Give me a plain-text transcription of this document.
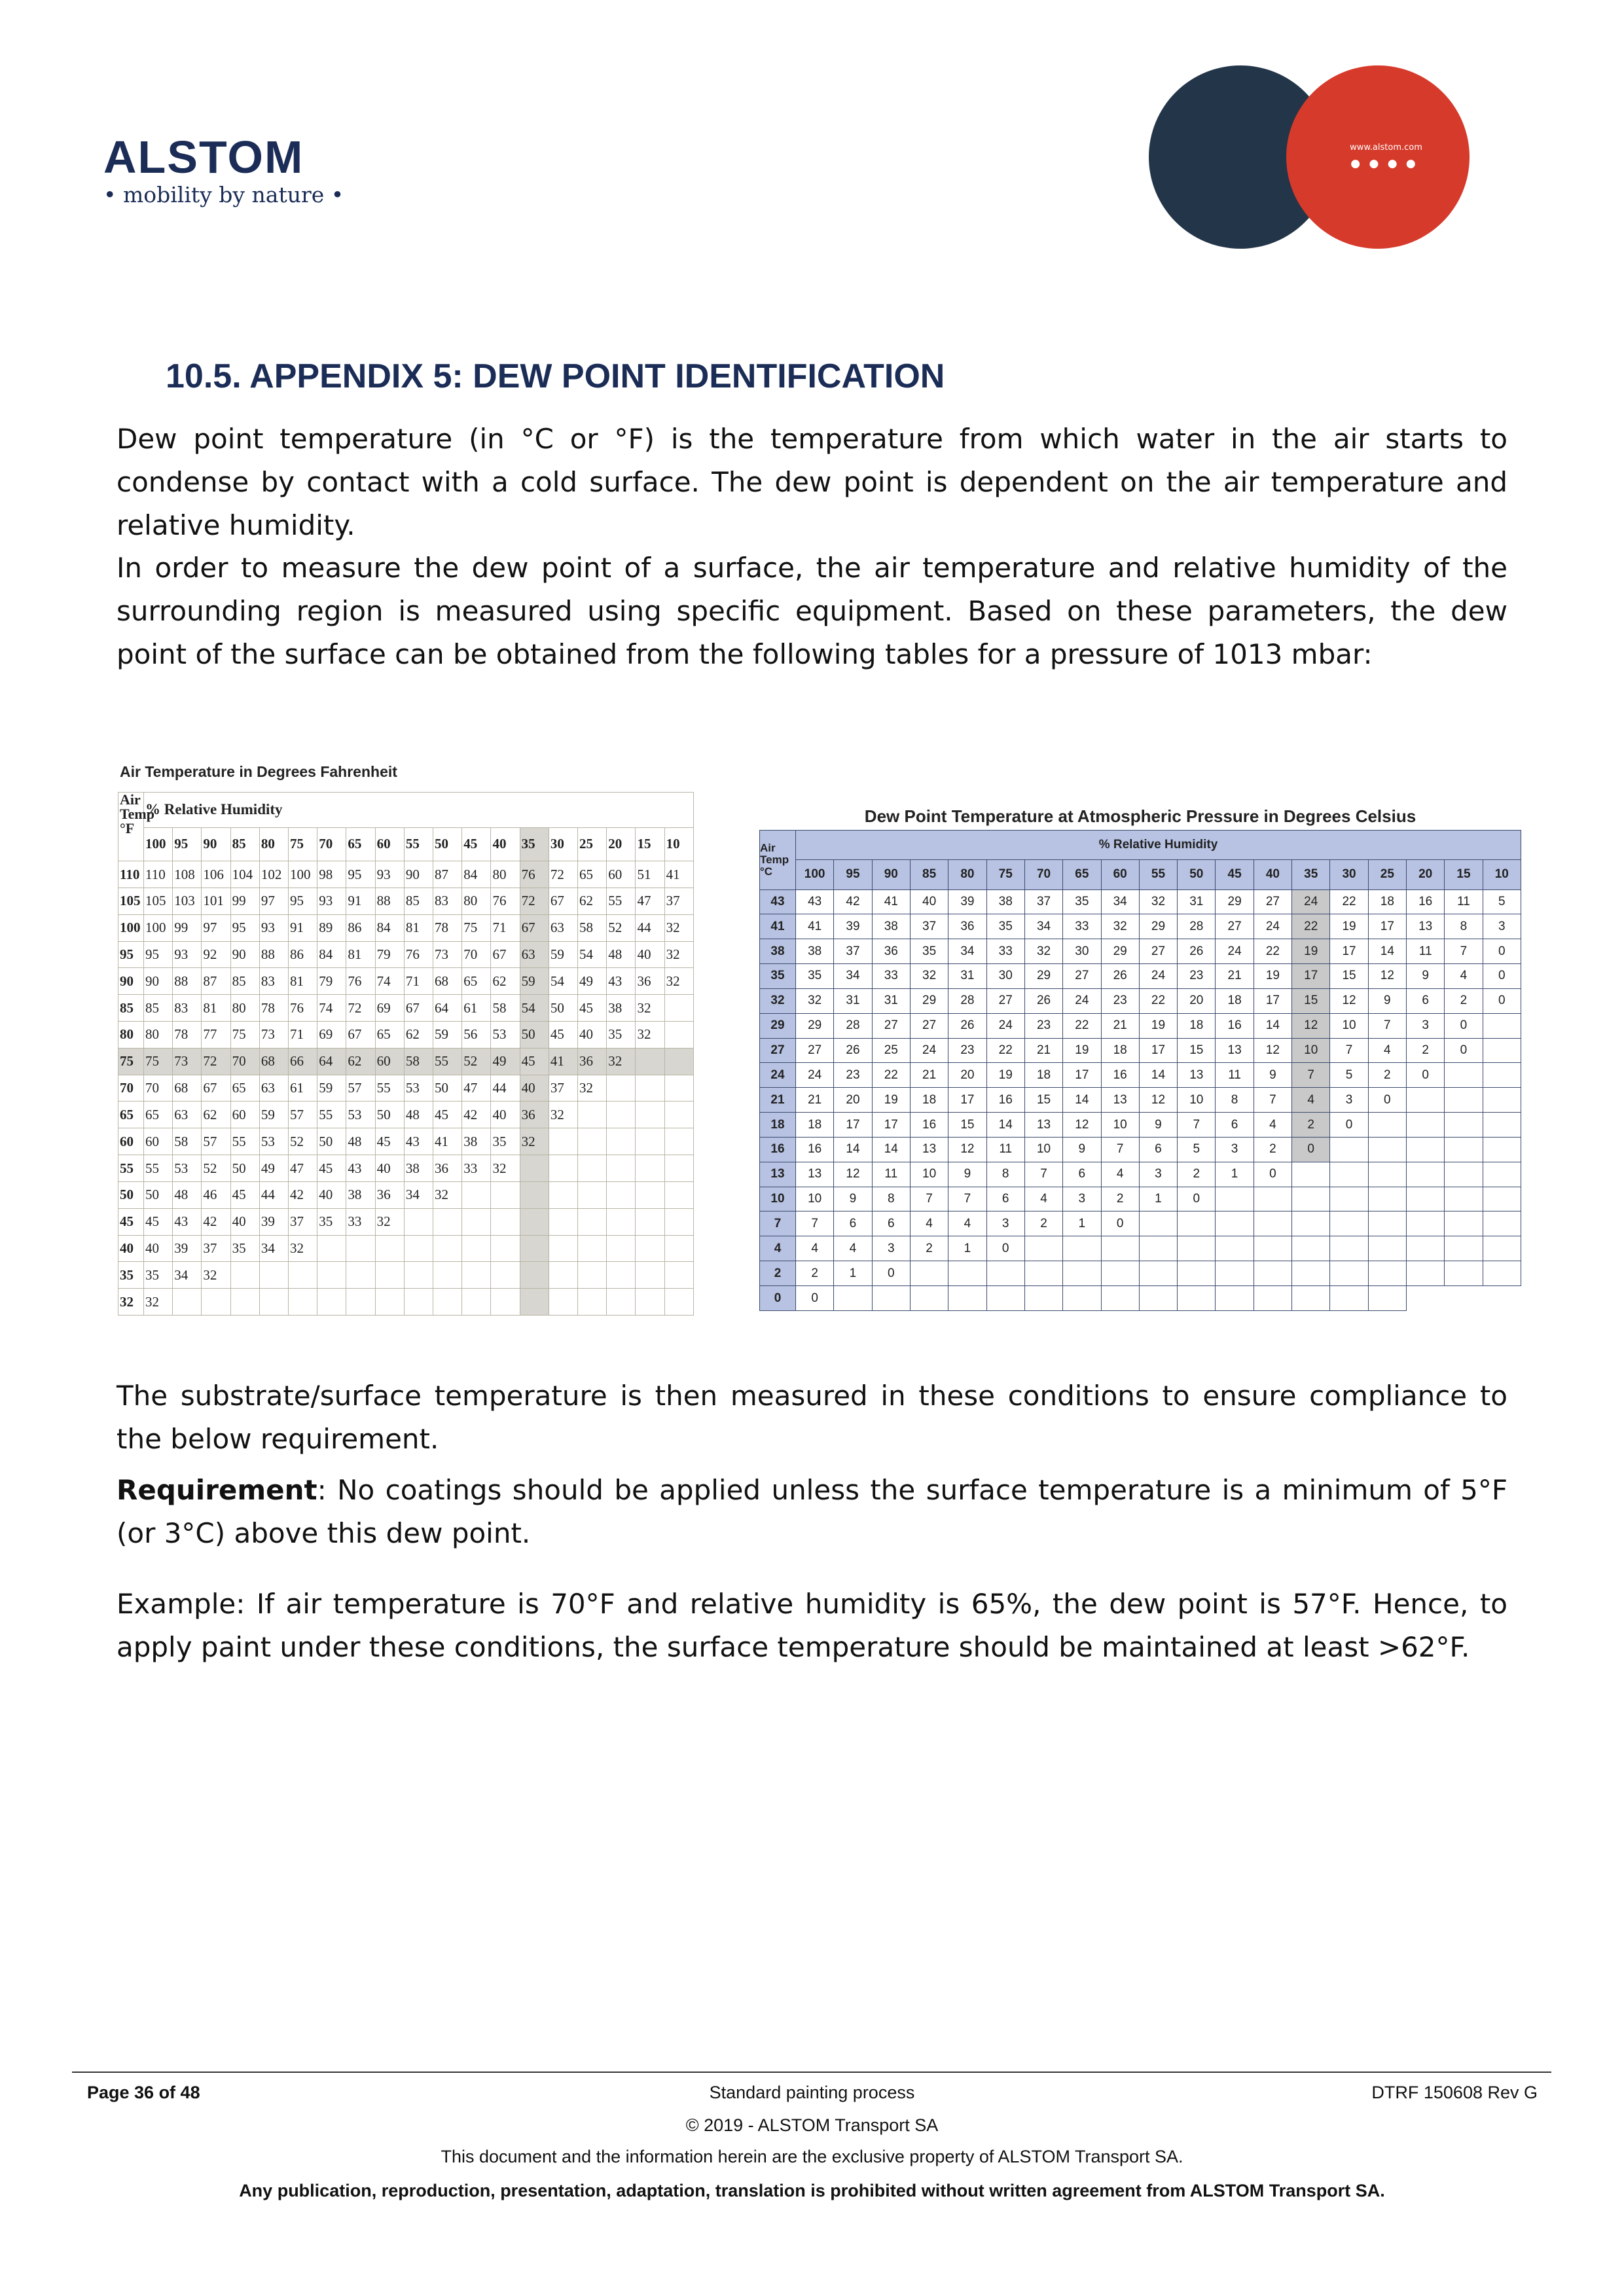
ALSTOM
• mobility by nature •
www.alstom.com
● ● ● ●
10.5. APPENDIX 5: DEW POINT IDENTIFICATION
Dew point temperature (in °C or °F) is the temperature from which water in the air starts to condense by contact with a cold surface. The dew point is dependent on the air temperature and relative humidity.
In order to measure the dew point of a surface, the air temperature and relative humidity of the surrounding region is measured using specific equipment. Based on these parameters, the dew point of the surface can be obtained from the following tables for a pressure of 1013 mbar:
Air Temperature in Degrees Fahrenheit
Air
Temp
°F	% Relative Humidity																		
	100	95	90	85	80	75	70	65	60	55	50	45	40	35	30	25	20	15	10
110	110	108	106	104	102	100	98	95	93	90	87	84	80	76	72	65	60	51	41
105	105	103	101	99	97	95	93	91	88	85	83	80	76	72	67	62	55	47	37
100	100	99	97	95	93	91	89	86	84	81	78	75	71	67	63	58	52	44	32
95	95	93	92	90	88	86	84	81	79	76	73	70	67	63	59	54	48	40	32
90	90	88	87	85	83	81	79	76	74	71	68	65	62	59	54	49	43	36	32
85	85	83	81	80	78	76	74	72	69	67	64	61	58	54	50	45	38	32	
80	80	78	77	75	73	71	69	67	65	62	59	56	53	50	45	40	35	32	
75	75	73	72	70	68	66	64	62	60	58	55	52	49	45	41	36	32		
70	70	68	67	65	63	61	59	57	55	53	50	47	44	40	37	32			
65	65	63	62	60	59	57	55	53	50	48	45	42	40	36	32				
60	60	58	57	55	53	52	50	48	45	43	41	38	35	32					
55	55	53	52	50	49	47	45	43	40	38	36	33	32						
50	50	48	46	45	44	42	40	38	36	34	32								
45	45	43	42	40	39	37	35	33	32										
40	40	39	37	35	34	32													
35	35	34	32																
32	32																		
Dew Point Temperature at Atmospheric Pressure in Degrees Celsius
Air
Temp
°C	% Relative Humidity																		
	100	95	90	85	80	75	70	65	60	55	50	45	40	35	30	25	20	15	10
43	43	42	41	40	39	38	37	35	34	32	31	29	27	24	22	18	16	11	5
41	41	39	38	37	36	35	34	33	32	29	28	27	24	22	19	17	13	8	3
38	38	37	36	35	34	33	32	30	29	27	26	24	22	19	17	14	11	7	0
35	35	34	33	32	31	30	29	27	26	24	23	21	19	17	15	12	9	4	0
32	32	31	31	29	28	27	26	24	23	22	20	18	17	15	12	9	6	2	0
29	29	28	27	27	26	24	23	22	21	19	18	16	14	12	10	7	3	0	
27	27	26	25	24	23	22	21	19	18	17	15	13	12	10	7	4	2	0	
24	24	23	22	21	20	19	18	17	16	14	13	11	9	7	5	2	0		
21	21	20	19	18	17	16	15	14	13	12	10	8	7	4	3	0			
18	18	17	17	16	15	14	13	12	10	9	7	6	4	2	0				
16	16	14	14	13	12	11	10	9	7	6	5	3	2	0					
13	13	12	11	10	9	8	7	6	4	3	2	1	0						
10	10	9	8	7	7	6	4	3	2	1	0								
7	7	6	6	4	4	3	2	1	0										
4	4	4	3	2	1	0													
2	2	1	0																
0	0																		
The substrate/surface temperature is then measured in these conditions to ensure compliance to the below requirement.
Requirement: No coatings should be applied unless the surface temperature is a minimum of 5°F (or 3°C) above this dew point.
Example: If air temperature is 70°F and relative humidity is 65%, the dew point is 57°F. Hence, to apply paint under these conditions, the surface temperature should be maintained at least >62°F.
Page 36 of 48	Standard painting process	DTRF 150608 Rev G
© 2019 - ALSTOM Transport SA
This document and the information herein are the exclusive property of ALSTOM Transport SA.
Any publication, reproduction, presentation, adaptation, translation is prohibited without written agreement from ALSTOM Transport SA.
